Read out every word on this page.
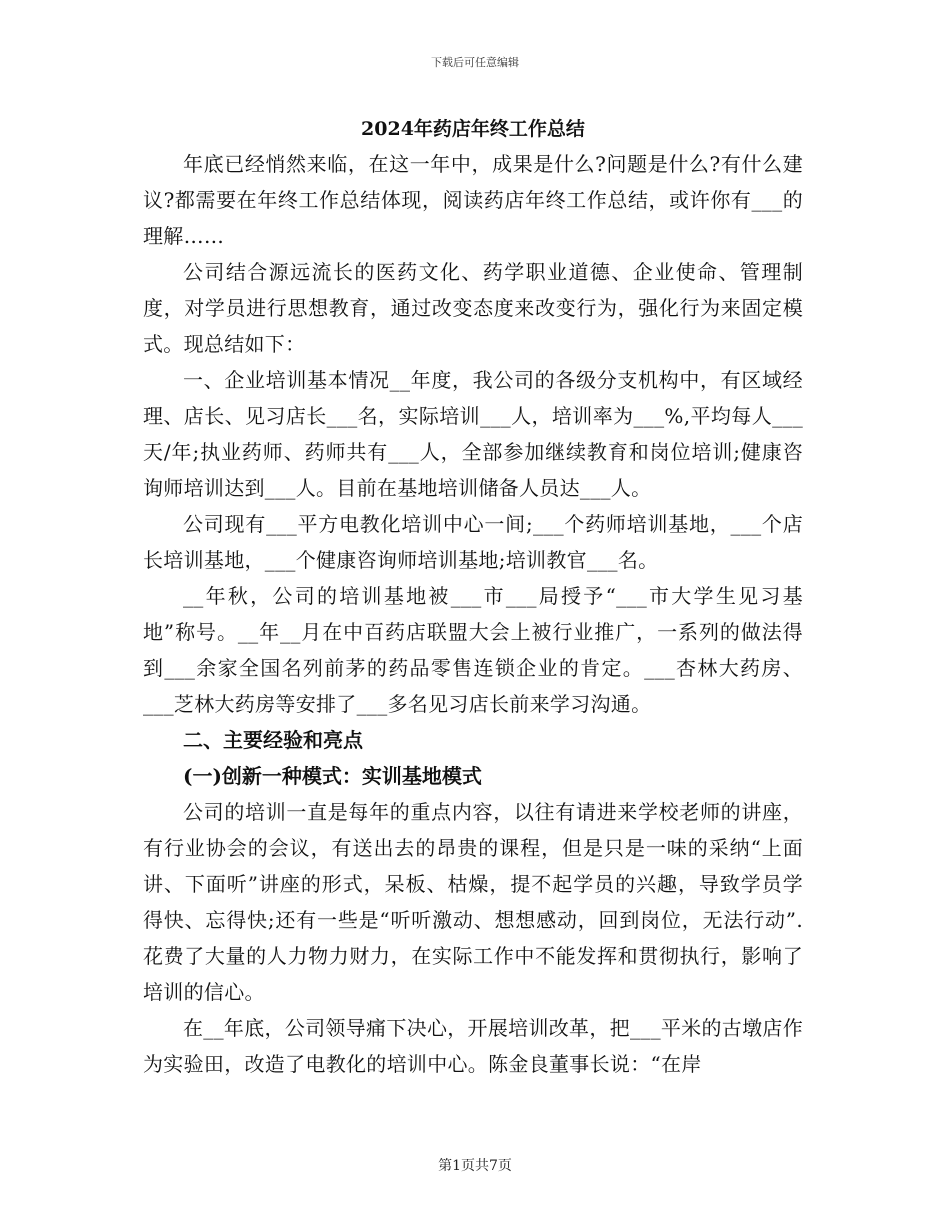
下载后可任意编辑

2024年药店年终工作总结

年底已经悄然来临，在这一年中，成果是什么?问题是什么?有什么建议?都需要在年终工作总结体现，阅读药店年终工作总结，或许你有___的理解……

公司结合源远流长的医药文化、药学职业道德、企业使命、管理制度，对学员进行思想教育，通过改变态度来改变行为，强化行为来固定模式。现总结如下：

一、企业培训基本情况__年度，我公司的各级分支机构中，有区域经理、店长、见习店长___名，实际培训___人，培训率为___%,平均每人___天/年;执业药师、药师共有___人，全部参加继续教育和岗位培训;健康咨询师培训达到___人。目前在基地培训储备人员达___人。

公司现有___平方电教化培训中心一间;___个药师培训基地，___个店长培训基地，___个健康咨询师培训基地;培训教官___名。

__年秋，公司的培训基地被___市___局授予“___市大学生见习基地”称号。__年__月在中百药店联盟大会上被行业推广，一系列的做法得到___余家全国名列前茅的药品零售连锁企业的肯定。___杏林大药房、___芝林大药房等安排了___多名见习店长前来学习沟通。

二、主要经验和亮点

(一)创新一种模式：实训基地模式

公司的培训一直是每年的重点内容，以往有请进来学校老师的讲座，有行业协会的会议，有送出去的昂贵的课程，但是只是一味的采纳“上面讲、下面听”讲座的形式，呆板、枯燥，提不起学员的兴趣，导致学员学得快、忘得快;还有一些是“听听激动、想想感动，回到岗位，无法行动”.花费了大量的人力物力财力，在实际工作中不能发挥和贯彻执行，影响了培训的信心。

在__年底，公司领导痛下决心，开展培训改革，把___平米的古墩店作为实验田，改造了电教化的培训中心。陈金良董事长说：“在岸

第1页共7页
